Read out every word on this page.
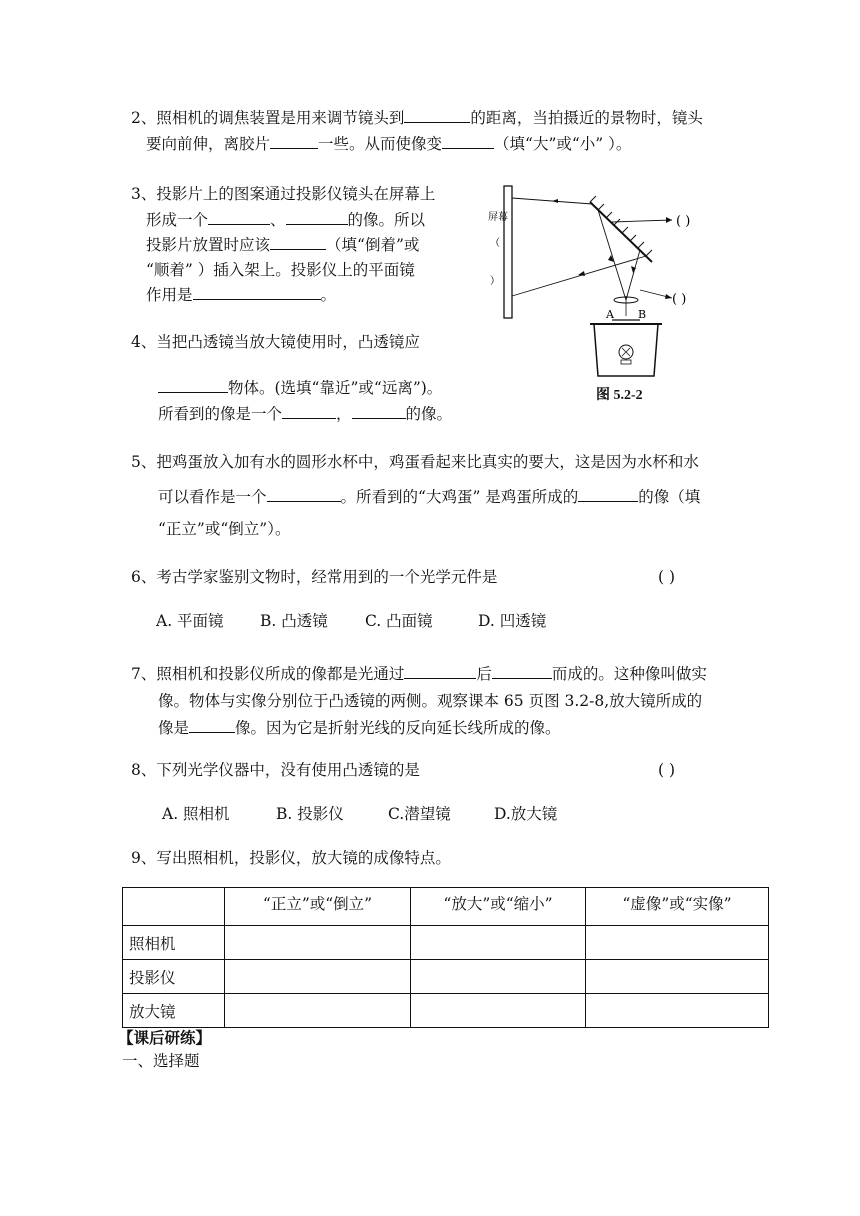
2、照相机的调焦装置是用来调节镜头到	的距离，当拍摄近的景物时，镜头
要向前伸，离胶片	一些。从而使像变	（填“大”或“小” ）。
3、投影片上的图案通过投影仪镜头在屏幕上
形成一个	、	的像。所以
投影片放置时应该	（填“倒着”或
“顺着” ）插入架上。投影仪上的平面镜
作用是	。
4、当把凸透镜当放大镜使用时，凸透镜应
物体。(选填“靠近”或“远离”)。
所看到的像是一个	，	的像。
屏幕
（
）
( )
( )
A B
图 5.2-2
5、把鸡蛋放入加有水的圆形水杯中，鸡蛋看起来比真实的要大，这是因为水杯和水
可以看作是一个	。所看到的“大鸡蛋” 是鸡蛋所成的	的像（填
“正立”或“倒立”）。
6、考古学家鉴别文物时，经常用到的一个光学元件是	( )
A. 平面镜 B. 凸透镜 C. 凸面镜	D. 凹透镜
7、照相机和投影仪所成的像都是光通过	后	而成的。这种像叫做实
像。物体与实像分别位于凸透镜的两侧。观察课本 65 页图 3.2-8,放大镜所成的
像是	像。因为它是折射光线的反向延长线所成的像。
8、下列光学仪器中，没有使用凸透镜的是	( )
A. 照相机	B. 投影仪	C.潜望镜	D.放大镜
9、写出照相机，投影仪，放大镜的成像特点。
	“正立”或“倒立”	“放大”或“缩小”	“虚像”或“实像”
照相机			
投影仪			
放大镜			
【课后研练】
一、选择题
